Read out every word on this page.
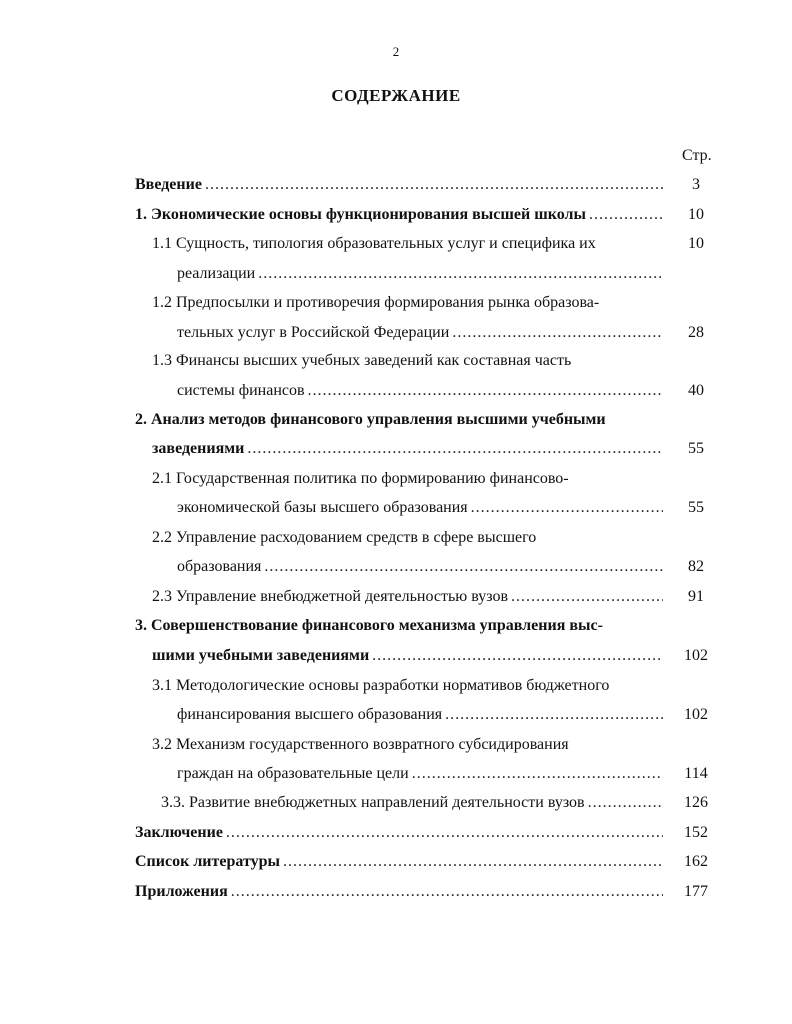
2
СОДЕРЖАНИЕ
Стр.
Введение .....	3
1. Экономические основы функционирования высшей школы .....	10
1.1 Сущность, типология образовательных услуг и специфика их	10
реализации
.....
1.2 Предпосылки и противоречия формирования рынка образова-
тельных услуг в Российской Федерации .....	28
1.3 Финансы высших учебных заведений как составная часть
системы финансов .....	40
2. Анализ методов финансового управления высшими учебными
заведениями .....	55
2.1 Государственная политика по формированию финансово-
экономической базы высшего образования .....	55
2.2 Управление расходованием средств в сфере высшего
образования .....	82
2.3 Управление внебюджетной деятельностью вузов .....	91
3. Совершенствование финансового механизма управления выс-
шими учебными заведениями .....	102
3.1 Методологические основы разработки нормативов бюджетного
финансирования высшего образования .....	102
3.2 Механизм государственного возвратного субсидирования
граждан на образовательные цели .....	114
3.3. Развитие внебюджетных направлений деятельности вузов .....	126
Заключение .....	152
Список литературы .....	162
Приложения .....	177
